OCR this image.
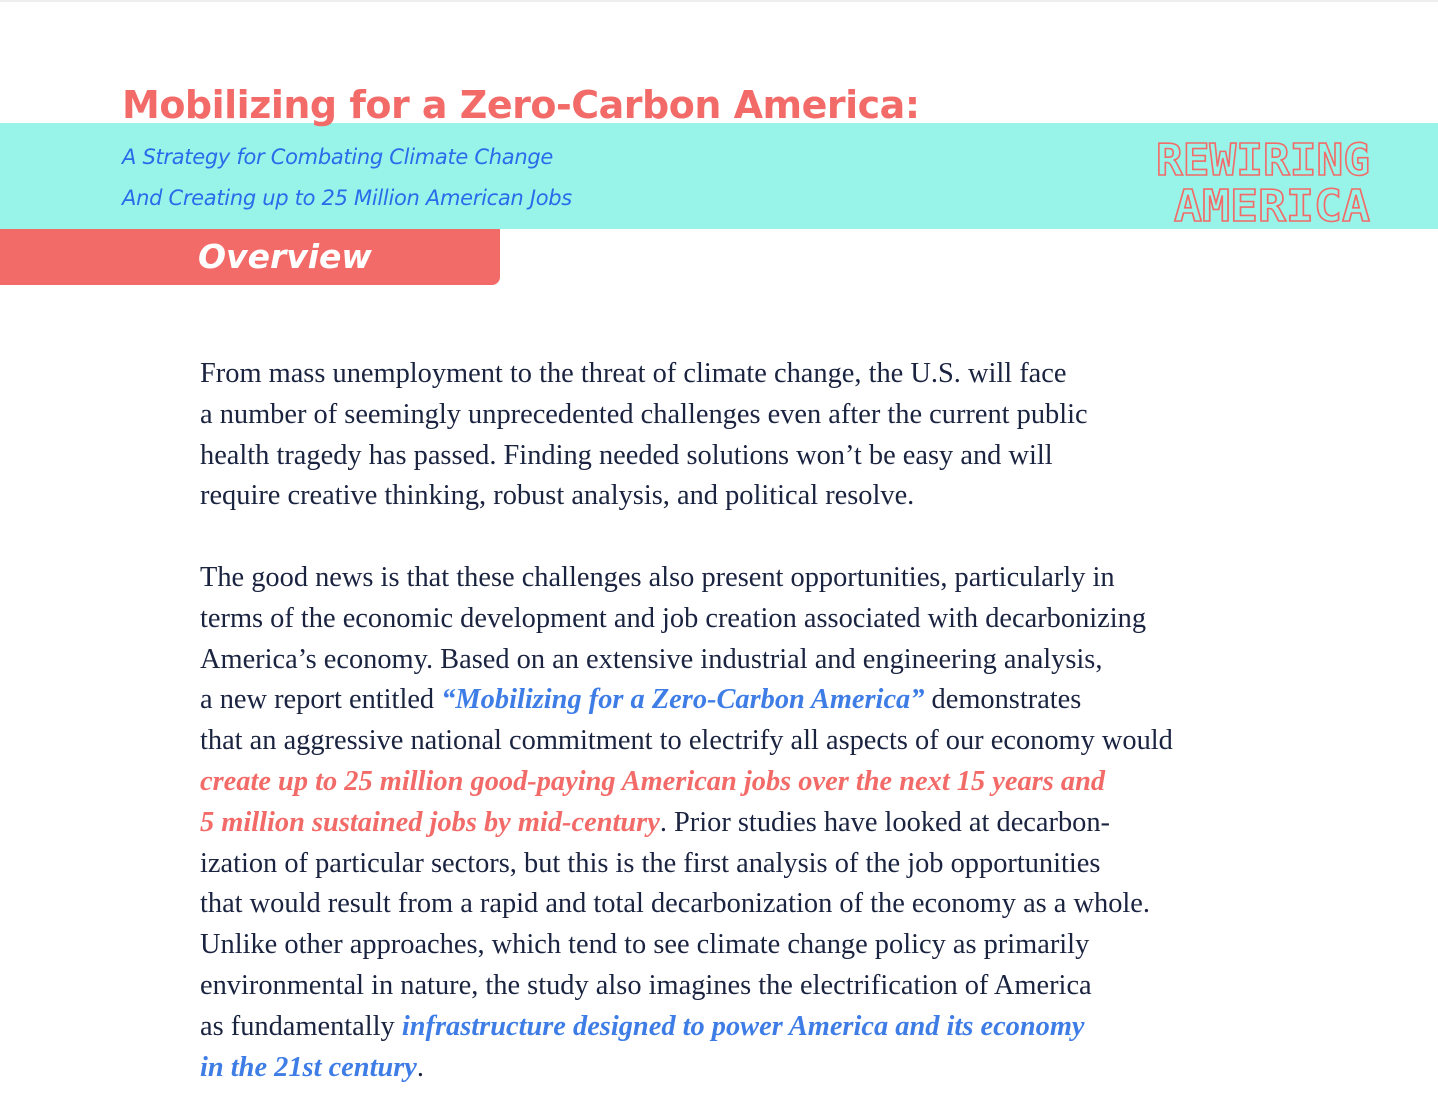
Mobilizing for a Zero-Carbon America:
A Strategy for Combating Climate Change
And Creating up to 25 Million American Jobs
REWIRING
AMERICA
Overview

From mass unemployment to the threat of climate change, the U.S. will face
a number of seemingly unprecedented challenges even after the current public
health tragedy has passed. Finding needed solutions won’t be easy and will
require creative thinking, robust analysis, and political resolve.

The good news is that these challenges also present opportunities, particularly in
terms of the economic development and job creation associated with decarbonizing
America’s economy. Based on an extensive industrial and engineering analysis,
a new report entitled “Mobilizing for a Zero-Carbon America” demonstrates
that an aggressive national commitment to electrify all aspects of our economy would
create up to 25 million good-paying American jobs over the next 15 years and
5 million sustained jobs by mid-century. Prior studies have looked at decarbon-
ization of particular sectors, but this is the first analysis of the job opportunities
that would result from a rapid and total decarbonization of the economy as a whole.
Unlike other approaches, which tend to see climate change policy as primarily
environmental in nature, the study also imagines the electrification of America
as fundamentally infrastructure designed to power America and its economy
in the 21st century.
